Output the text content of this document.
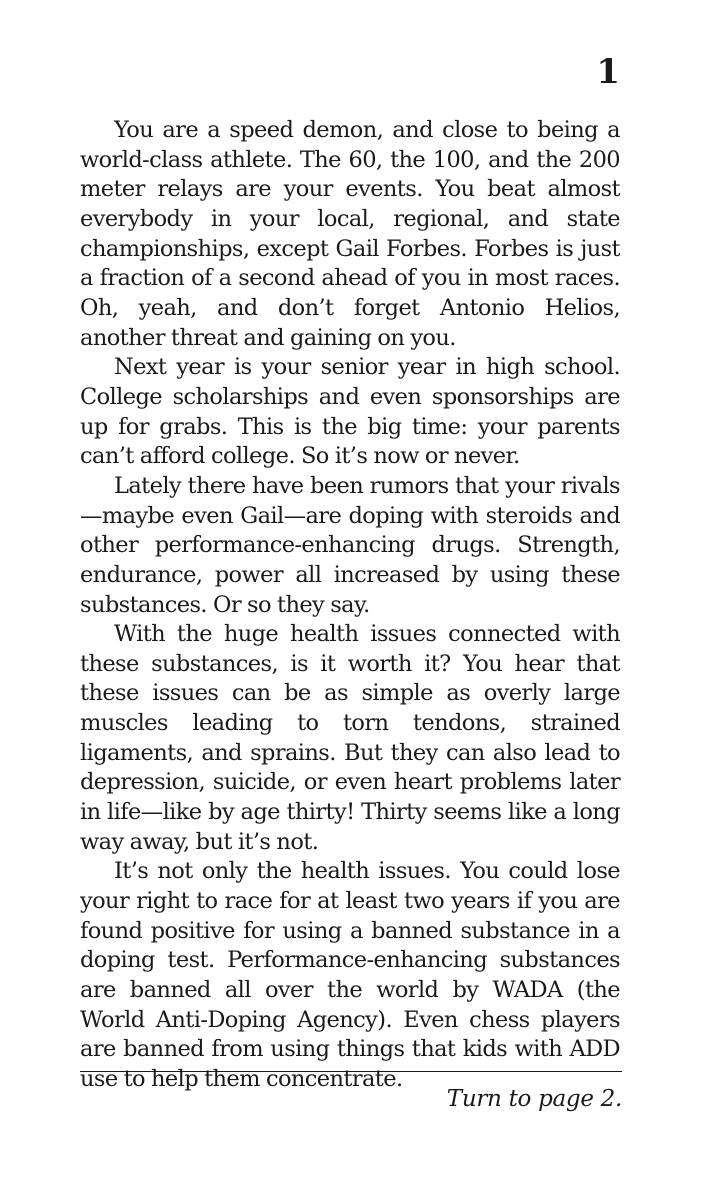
1

You are a speed demon, and close to being a world-class athlete. The 60, the 100, and the 200 meter relays are your events. You beat almost everybody in your local, regional, and state championships, except Gail Forbes. Forbes is just a fraction of a second ahead of you in most races. Oh, yeah, and don’t forget Antonio Helios, another threat and gaining on you.

Next year is your senior year in high school. College scholarships and even sponsorships are up for grabs. This is the big time: your parents can’t afford college. So it’s now or never.

Lately there have been rumors that your rivals—maybe even Gail—are doping with steroids and other performance-enhancing drugs. Strength, endurance, power all increased by using these substances. Or so they say.

With the huge health issues connected with these substances, is it worth it? You hear that these issues can be as simple as overly large muscles leading to torn tendons, strained ligaments, and sprains. But they can also lead to depression, suicide, or even heart problems later in life—like by age thirty! Thirty seems like a long way away, but it’s not.

It’s not only the health issues. You could lose your right to race for at least two years if you are found positive for using a banned substance in a doping test. Performance-enhancing substances are banned all over the world by WADA (the World Anti-Doping Agency). Even chess players are banned from using things that kids with ADD use to help them concentrate.

Turn to page 2.
